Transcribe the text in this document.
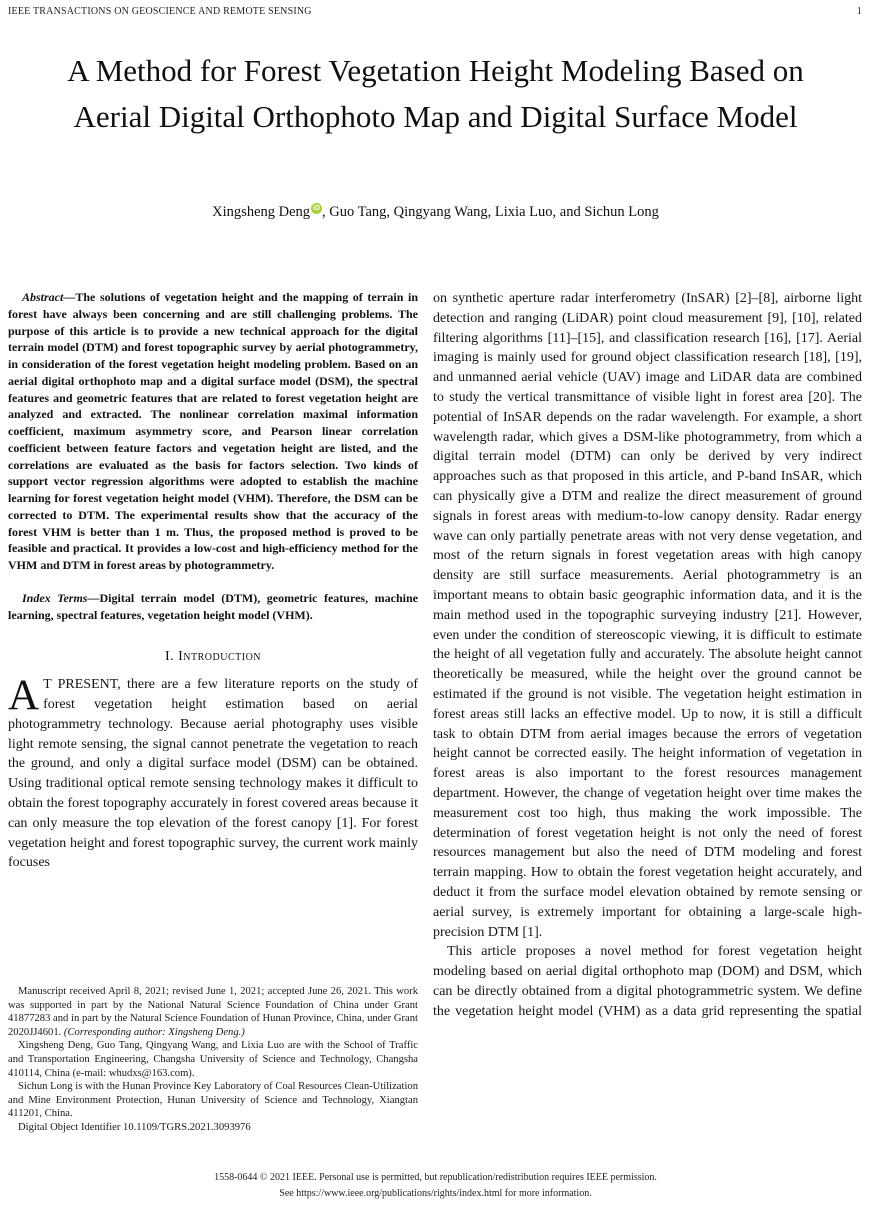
IEEE TRANSACTIONS ON GEOSCIENCE AND REMOTE SENSING	1
A Method for Forest Vegetation Height Modeling Based on Aerial Digital Orthophoto Map and Digital Surface Model

Xingsheng Deng iD , Guo Tang, Qingyang Wang, Lixia Luo, and Sichun Long

Abstract—The solutions of vegetation height and the mapping of terrain in forest have always been concerning and are still challenging problems. The purpose of this article is to provide a new technical approach for the digital terrain model (DTM) and forest topographic survey by aerial photogrammetry, in consideration of the forest vegetation height modeling problem. Based on an aerial digital orthophoto map and a digital surface model (DSM), the spectral features and geometric features that are related to forest vegetation height are analyzed and extracted. The nonlinear correlation maximal information coefficient, maximum asymmetry score, and Pearson linear correlation coefficient between feature factors and vegetation height are listed, and the correlations are evaluated as the basis for factors selection. Two kinds of support vector regression algorithms were adopted to establish the machine learning for forest vegetation height model (VHM). Therefore, the DSM can be corrected to DTM. The experimental results show that the accuracy of the forest VHM is better than 1 m. Thus, the proposed method is proved to be feasible and practical. It provides a low-cost and high-efficiency method for the VHM and DTM in forest areas by photogrammetry.

Index Terms—Digital terrain model (DTM), geometric features, machine learning, spectral features, vegetation height model (VHM).

I. Introduction

A T PRESENT, there are a few literature reports on the study of forest vegetation height estimation based on aerial photogrammetry technology. Because aerial photography uses visible light remote sensing, the signal cannot penetrate the vegetation to reach the ground, and only a digital surface model (DSM) can be obtained. Using traditional optical remote sensing technology makes it difficult to obtain the forest topography accurately in forest covered areas because it can only measure the top elevation of the forest canopy [1]. For forest vegetation height and forest topographic survey, the current work mainly focuses

on synthetic aperture radar interferometry (InSAR) [2]–[8], airborne light detection and ranging (LiDAR) point cloud measurement [9], [10], related filtering algorithms [11]–[15], and classification research [16], [17]. Aerial imaging is mainly used for ground object classification research [18], [19], and unmanned aerial vehicle (UAV) image and LiDAR data are combined to study the vertical transmittance of visible light in forest area [20]. The potential of InSAR depends on the radar wavelength. For example, a short wavelength radar, which gives a DSM-like photogrammetry, from which a digital terrain model (DTM) can only be derived by very indirect approaches such as that proposed in this article, and P-band InSAR, which can physically give a DTM and realize the direct measurement of ground signals in forest areas with medium-to-low canopy density. Radar energy wave can only partially penetrate areas with not very dense vegetation, and most of the return signals in forest vegetation areas with high canopy density are still surface measurements. Aerial photogrammetry is an important means to obtain basic geographic information data, and it is the main method used in the topographic surveying industry [21]. However, even under the condition of stereoscopic viewing, it is difficult to estimate the height of all vegetation fully and accurately. The absolute height cannot theoretically be measured, while the height over the ground cannot be estimated if the ground is not visible. The vegetation height estimation in forest areas still lacks an effective model. Up to now, it is still a difficult task to obtain DTM from aerial images because the errors of vegetation height cannot be corrected easily. The height information of vegetation in forest areas is also important to the forest resources management department. However, the change of vegetation height over time makes the measurement cost too high, thus making the work impossible. The determination of forest vegetation height is not only the need of forest resources management but also the need of DTM modeling and forest terrain mapping. How to obtain the forest vegetation height accurately, and deduct it from the surface model elevation obtained by remote sensing or aerial survey, is extremely important for obtaining a large-scale high-precision DTM [1].

This article proposes a novel method for forest vegetation height modeling based on aerial digital orthophoto map (DOM) and DSM, which can be directly obtained from a digital photogrammetric system. We define the vegetation height model (VHM) as a data grid representing the spatial

Manuscript received April 8, 2021; revised June 1, 2021; accepted June 26, 2021. This work was supported in part by the National Natural Science Foundation of China under Grant 41877283 and in part by the Natural Science Foundation of Hunan Province, China, under Grant 2020JJ4601. (Corresponding author: Xingsheng Deng.)

Xingsheng Deng, Guo Tang, Qingyang Wang, and Lixia Luo are with the School of Traffic and Transportation Engineering, Changsha University of Science and Technology, Changsha 410114, China (e-mail: whudxs@163.com).

Sichun Long is with the Hunan Province Key Laboratory of Coal Resources Clean-Utilization and Mine Environment Protection, Hunan University of Science and Technology, Xiangtan 411201, China.

Digital Object Identifier 10.1109/TGRS.2021.3093976

1558-0644 © 2021 IEEE. Personal use is permitted, but republication/redistribution requires IEEE permission.
See https://www.ieee.org/publications/rights/index.html for more information.
